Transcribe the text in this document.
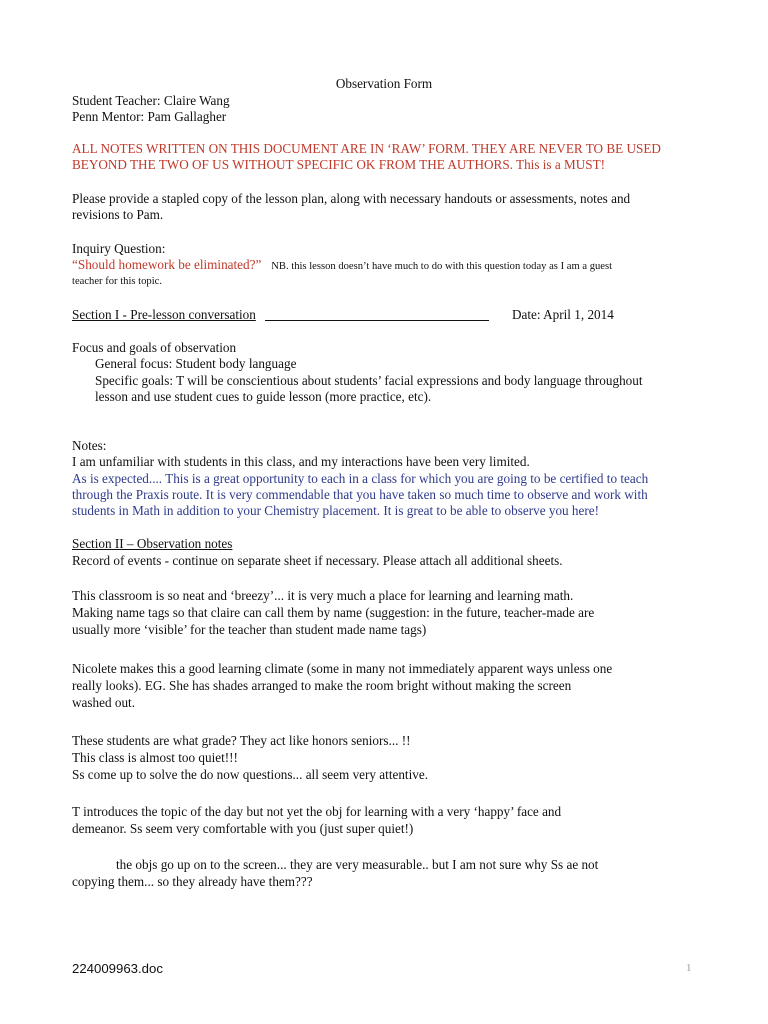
Observation Form
Student Teacher: Claire Wang
Penn Mentor: Pam Gallagher
ALL NOTES WRITTEN ON THIS DOCUMENT ARE IN ‘RAW’ FORM. THEY ARE NEVER TO BE USED
BEYOND THE TWO OF US WITHOUT SPECIFIC OK FROM THE AUTHORS. This is a MUST!
Please provide a stapled copy of the lesson plan, along with necessary handouts or assessments, notes and
revisions to Pam.
Inquiry Question:
“Should homework be eliminated?” NB. this lesson doesn’t have much to do with this question today as I am a guest
teacher for this topic.
Section I - Pre-lesson conversation	Date: April 1, 2014
Focus and goals of observation
General focus: Student body language
Specific goals: T will be conscientious about students’ facial expressions and body language throughout
lesson and use student cues to guide lesson (more practice, etc).
Notes:
I am unfamiliar with students in this class, and my interactions have been very limited.
As is expected.... This is a great opportunity to each in a class for which you are going to be certified to teach
through the Praxis route. It is very commendable that you have taken so much time to observe and work with
students in Math in addition to your Chemistry placement. It is great to be able to observe you here!
Section II – Observation notes
Record of events - continue on separate sheet if necessary. Please attach all additional sheets.
This classroom is so neat and ‘breezy’... it is very much a place for learning and learning math.
Making name tags so that claire can call them by name (suggestion: in the future, teacher-made are
usually more ‘visible’ for the teacher than student made name tags)
Nicolete makes this a good learning climate (some in many not immediately apparent ways unless one
really looks). EG. She has shades arranged to make the room bright without making the screen
washed out.
These students are what grade? They act like honors seniors... !!
This class is almost too quiet!!!
Ss come up to solve the do now questions... all seem very attentive.
T introduces the topic of the day but not yet the obj for learning with a very ‘happy’ face and
demeanor. Ss seem very comfortable with you (just super quiet!)
the objs go up on to the screen... they are very measurable.. but I am not sure why Ss ae not
copying them... so they already have them???
224009963.doc	1
